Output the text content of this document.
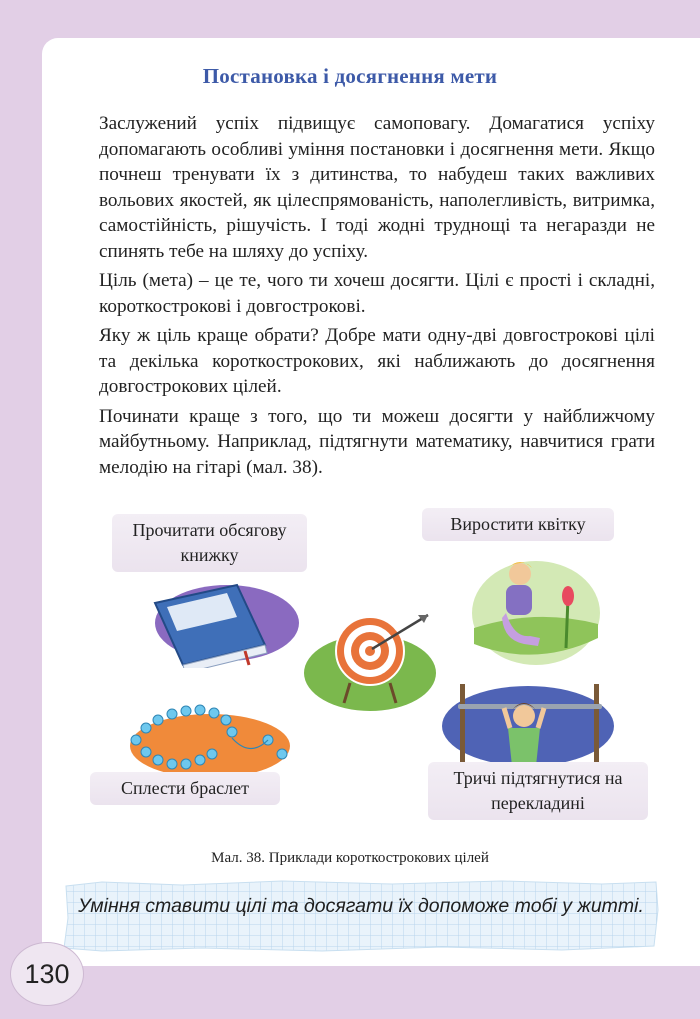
Постановка і досягнення мети

Заслужений успіх підвищує самоповагу. Домагатися успіху допомагають особливі уміння постановки і досягнення мети. Якщо почнеш тренувати їх з дитинства, то набудеш таких важливих вольових якостей, як цілеспрямованість, наполегливість, витримка, самостійність, рішучість. І тоді жодні труднощі та негаразди не спинять тебе на шляху до успіху.

Ціль (мета) – це те, чого ти хочеш досягти. Цілі є прості і складні, короткострокові і довгострокові.

Яку ж ціль краще обрати? Добре мати одну-дві довгострокові цілі та декілька короткострокових, які наближають до досягнення довгострокових цілей.

Починати краще з того, що ти можеш досягти у найближчому майбутньому. Наприклад, підтягнути математику, навчитися грати мелодію на гітарі (мал. 38).

Прочитати обсягову книжку
Виростити квітку
Сплести браслет	Тричі підтягнутися на перекладині
Мал. 38. Приклади короткострокових цілей
Уміння ставити цілі та досягати їх допоможе тобі у житті.
130
